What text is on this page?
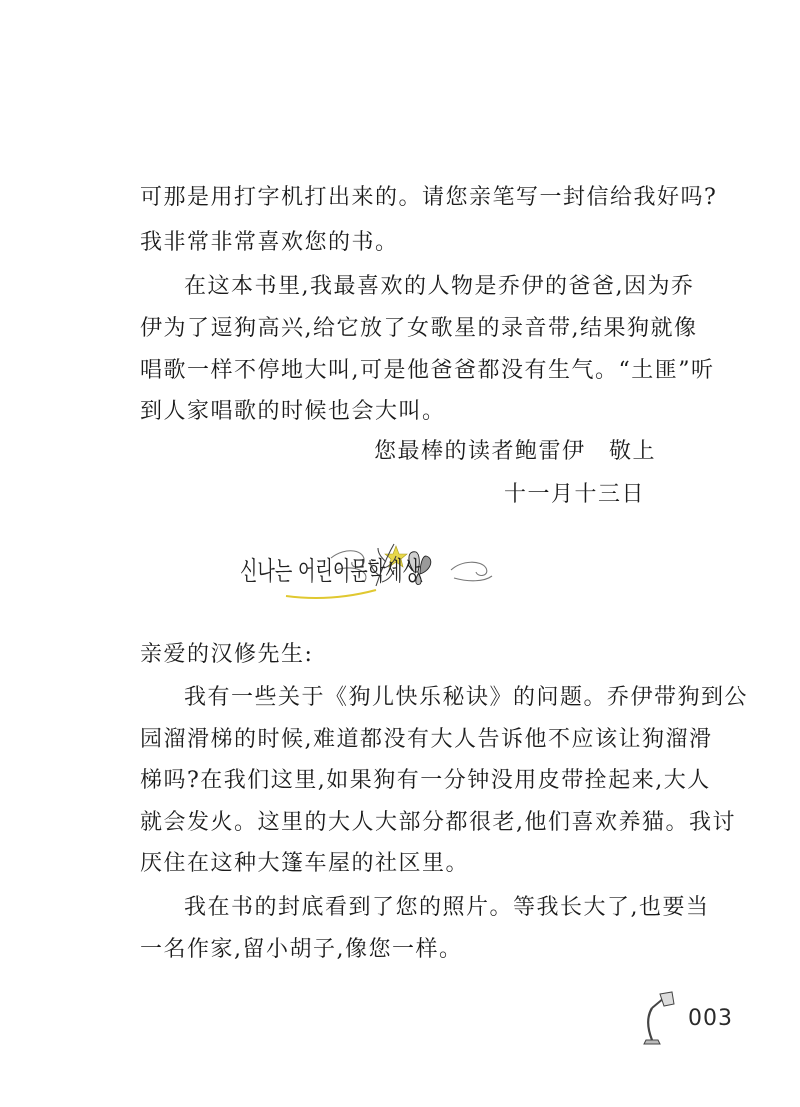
可那是用打字机打出来的。请您亲笔写一封信给我好吗?
我非常非常喜欢您的书。
在这本书里,我最喜欢的人物是乔伊的爸爸,因为乔
伊为了逗狗高兴,给它放了女歌星的录音带,结果狗就像
唱歌一样不停地大叫,可是他爸爸都没有生气。“土匪”听
到人家唱歌的时候也会大叫。
您最棒的读者鲍雷伊　敬上
十一月十三日
신나는 어린이문학세상
亲爱的汉修先生:
我有一些关于《狗儿快乐秘诀》的问题。乔伊带狗到公
园溜滑梯的时候,难道都没有大人告诉他不应该让狗溜滑
梯吗?在我们这里,如果狗有一分钟没用皮带拴起来,大人
就会发火。这里的大人大部分都很老,他们喜欢养猫。我讨
厌住在这种大篷车屋的社区里。
我在书的封底看到了您的照片。等我长大了,也要当
一名作家,留小胡子,像您一样。
003
